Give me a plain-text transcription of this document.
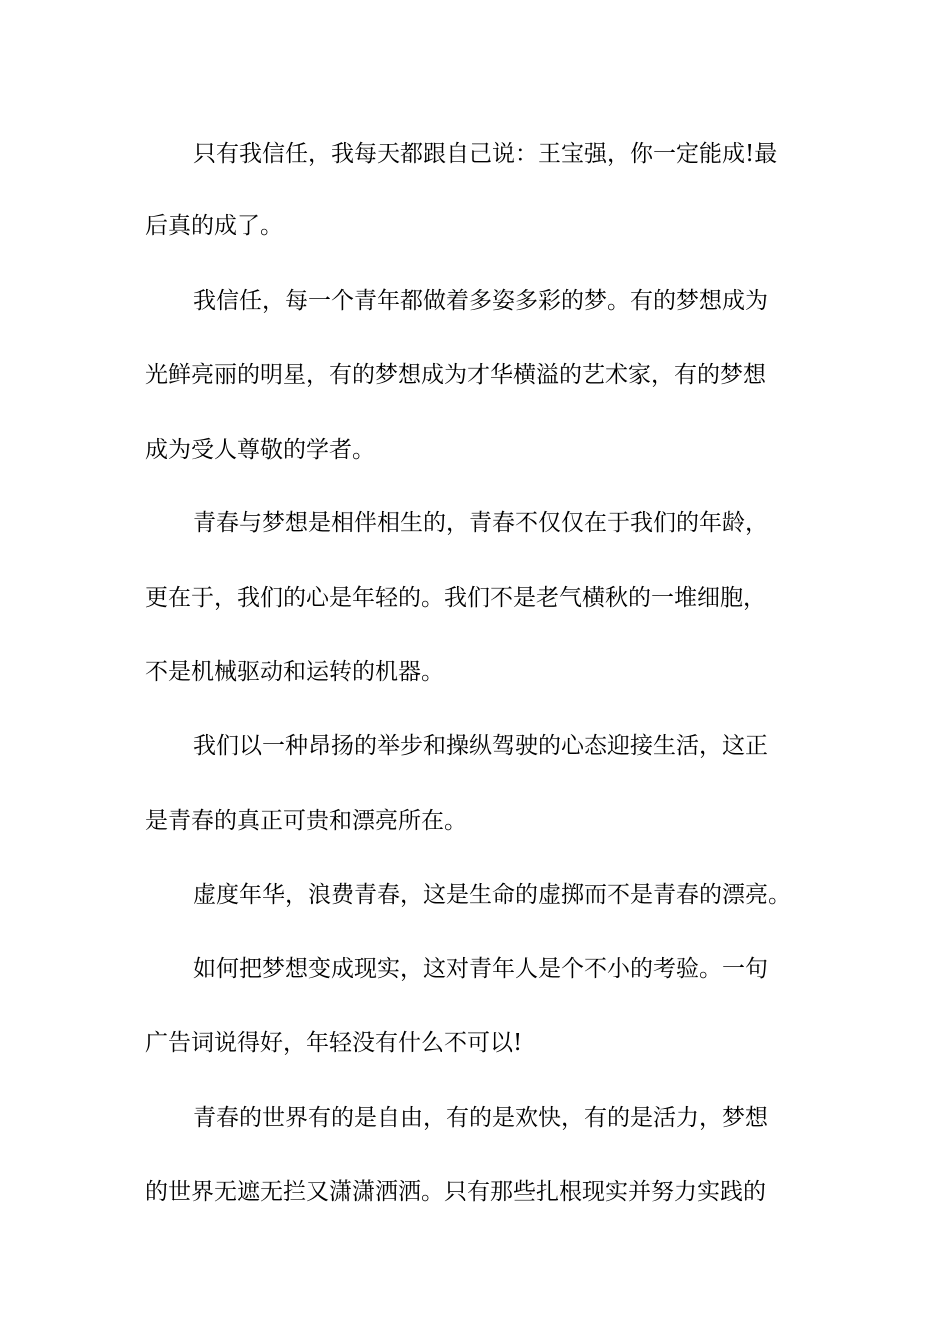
只有我信任，我每天都跟自己说：王宝强，你一定能成!最
后真的成了。
我信任，每一个青年都做着多姿多彩的梦。有的梦想成为
光鲜亮丽的明星，有的梦想成为才华横溢的艺术家，有的梦想
成为受人尊敬的学者。
青春与梦想是相伴相生的，青春不仅仅在于我们的年龄，
更在于，我们的心是年轻的。我们不是老气横秋的一堆细胞，
不是机械驱动和运转的机器。
我们以一种昂扬的举步和操纵驾驶的心态迎接生活，这正
是青春的真正可贵和漂亮所在。
虚度年华，浪费青春，这是生命的虚掷而不是青春的漂亮。
如何把梦想变成现实，这对青年人是个不小的考验。一句
广告词说得好，年轻没有什么不可以!
青春的世界有的是自由，有的是欢快，有的是活力，梦想
的世界无遮无拦又潇潇洒洒。只有那些扎根现实并努力实践的
